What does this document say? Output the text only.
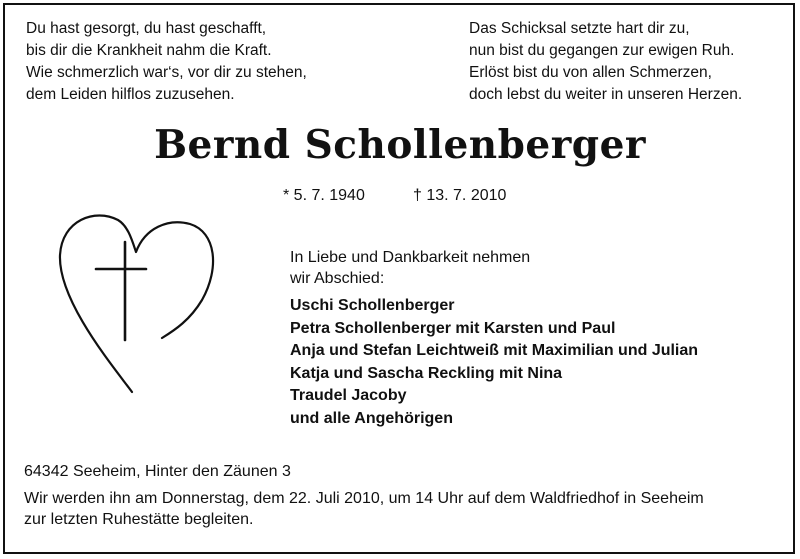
Du hast gesorgt, du hast geschafft,
bis dir die Krankheit nahm die Kraft.
Wie schmerzlich war‘s, vor dir zu stehen,
dem Leiden hilflos zuzusehen.
Das Schicksal setzte hart dir zu,
nun bist du gegangen zur ewigen Ruh.
Erlöst bist du von allen Schmerzen,
doch lebst du weiter in unseren Herzen.
Bernd Schollenberger
* 5. 7. 1940	† 13. 7. 2010
In Liebe und Dankbarkeit nehmen
wir Abschied:
Uschi Schollenberger
Petra Schollenberger mit Karsten und Paul
Anja und Stefan Leichtweiß mit Maximilian und Julian
Katja und Sascha Reckling mit Nina
Traudel Jacoby
und alle Angehörigen
64342 Seeheim, Hinter den Zäunen 3
Wir werden ihn am Donnerstag, dem 22. Juli 2010, um 14 Uhr auf dem Waldfriedhof in Seeheim
zur letzten Ruhestätte begleiten.
